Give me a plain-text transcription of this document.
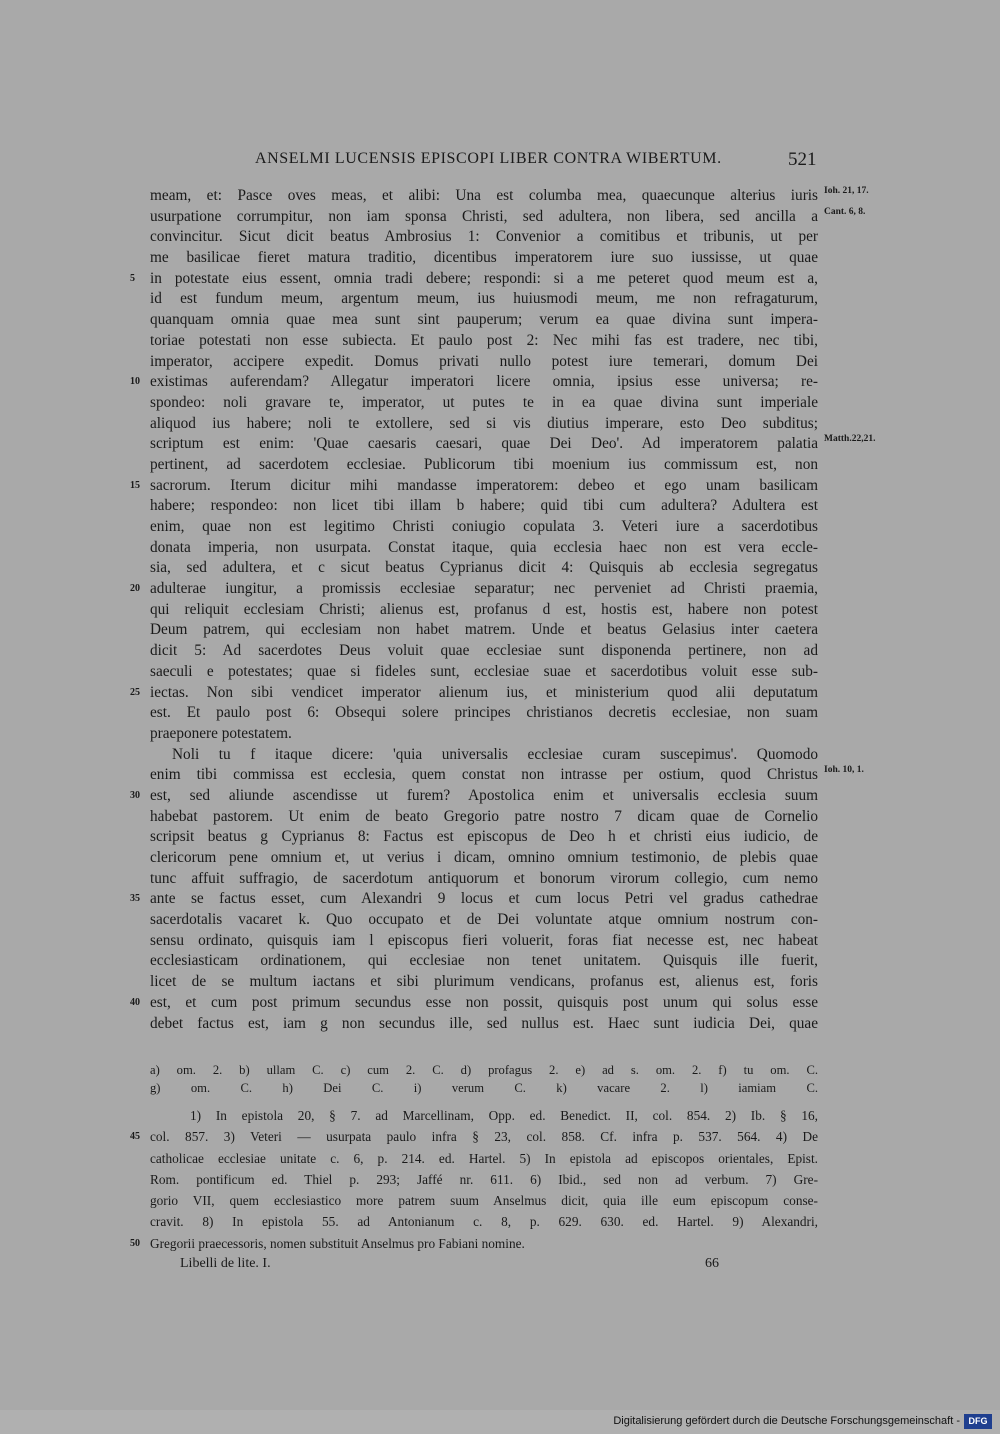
ANSELMI LUCENSIS EPISCOPI LIBER CONTRA WIBERTUM.	521
meam, et: Pasce oves meas, et alibi: Una est columba mea, quaecunque alterius iuris Ioh. 21, 17.
usurpatione corrumpitur, non iam sponsa Christi, sed adultera, non libera, sed ancilla a Cant. 6, 8.
convincitur. Sicut dicit beatus Ambrosius 1: Convenior a comitibus et tribunis, ut per
me basilicae fieret matura traditio, dicentibus imperatorem iure suo iussisse, ut quae
in potestate eius essent, omnia tradi debere; respondi: si a me peteret quod meum est a,
5
id est fundum meum, argentum meum, ius huiusmodi meum, me non refragaturum,
quanquam omnia quae mea sunt sint pauperum; verum ea quae divina sunt impera-
toriae potestati non esse subiecta. Et paulo post 2: Nec mihi fas est tradere, nec tibi,
imperator, accipere expedit. Domus privati nullo potest iure temerari, domum Dei
existimas auferendam? Allegatur imperatori licere omnia, ipsius esse universa; re-
10
spondeo: noli gravare te, imperator, ut putes te in ea quae divina sunt imperiale
aliquod ius habere; noli te extollere, sed si vis diutius imperare, esto Deo subditus;
scriptum est enim: 'Quae caesaris caesari, quae Dei Deo'. Ad imperatorem palatia Matth.22,21.
pertinent, ad sacerdotem ecclesiae. Publicorum tibi moenium ius commissum est, non
sacrorum. Iterum dicitur mihi mandasse imperatorem: debeo et ego unam basilicam
15
habere; respondeo: non licet tibi illam b habere; quid tibi cum adultera? Adultera est
enim, quae non est legitimo Christi coniugio copulata 3. Veteri iure a sacerdotibus
donata imperia, non usurpata. Constat itaque, quia ecclesia haec non est vera eccle-
sia, sed adultera, et c sicut beatus Cyprianus dicit 4: Quisquis ab ecclesia segregatus
adulterae iungitur, a promissis ecclesiae separatur; nec perveniet ad Christi praemia,
20
qui reliquit ecclesiam Christi; alienus est, profanus d est, hostis est, habere non potest
Deum patrem, qui ecclesiam non habet matrem. Unde et beatus Gelasius inter caetera
dicit 5: Ad sacerdotes Deus voluit quae ecclesiae sunt disponenda pertinere, non ad
saeculi e potestates; quae si fideles sunt, ecclesiae suae et sacerdotibus voluit esse sub-
iectas. Non sibi vendicet imperator alienum ius, et ministerium quod alii deputatum
25
est. Et paulo post 6: Obsequi solere principes christianos decretis ecclesiae, non suam
praeponere potestatem.
Noli tu f itaque dicere: 'quia universalis ecclesiae curam suscepimus'. Quomodo
enim tibi commissa est ecclesia, quem constat non intrasse per ostium, quod Christus Ioh. 10, 1.
est, sed aliunde ascendisse ut furem? Apostolica enim et universalis ecclesia suum
30
habebat pastorem. Ut enim de beato Gregorio patre nostro 7 dicam quae de Cornelio
scripsit beatus g Cyprianus 8: Factus est episcopus de Deo h et christi eius iudicio, de
clericorum pene omnium et, ut verius i dicam, omnino omnium testimonio, de plebis quae
tunc affuit suffragio, de sacerdotum antiquorum et bonorum virorum collegio, cum nemo
ante se factus esset, cum Alexandri 9 locus et cum locus Petri vel gradus cathedrae
35
sacerdotalis vacaret k. Quo occupato et de Dei voluntate atque omnium nostrum con-
sensu ordinato, quisquis iam l episcopus fieri voluerit, foras fiat necesse est, nec habeat
ecclesiasticam ordinationem, qui ecclesiae non tenet unitatem. Quisquis ille fuerit,
licet de se multum iactans et sibi plurimum vendicans, profanus est, alienus est, foris
est, et cum post primum secundus esse non possit, quisquis post unum qui solus esse
40
debet factus est, iam g non secundus ille, sed nullus est. Haec sunt iudicia Dei, quae
a) om. 2. b) ullam C. c) cum 2. C. d) profagus 2. e) ad s. om. 2. f) tu om. C.
g) om. C. h) Dei C. i) verum C. k) vacare 2. l) iamiam C.
1) In epistola 20, § 7. ad Marcellinam, Opp. ed. Benedict. II, col. 854. 2) Ib. § 16,
col. 857. 3) Veteri — usurpata paulo infra § 23, col. 858. Cf. infra p. 537. 564. 4) De
45
catholicae ecclesiae unitate c. 6, p. 214. ed. Hartel. 5) In epistola ad episcopos orientales, Epist.
Rom. pontificum ed. Thiel p. 293; Jaffé nr. 611. 6) Ibid., sed non ad verbum. 7) Gre-
gorio VII, quem ecclesiastico more patrem suum Anselmus dicit, quia ille eum episcopum conse-
cravit. 8) In epistola 55. ad Antonianum c. 8, p. 629. 630. ed. Hartel. 9) Alexandri,
Gregorii praecessoris, nomen substituit Anselmus pro Fabiani nomine.
50
Libelli de lite. I.	66
Digitalisierung gefördert durch die Deutsche Forschungsgemeinschaft - DFG
